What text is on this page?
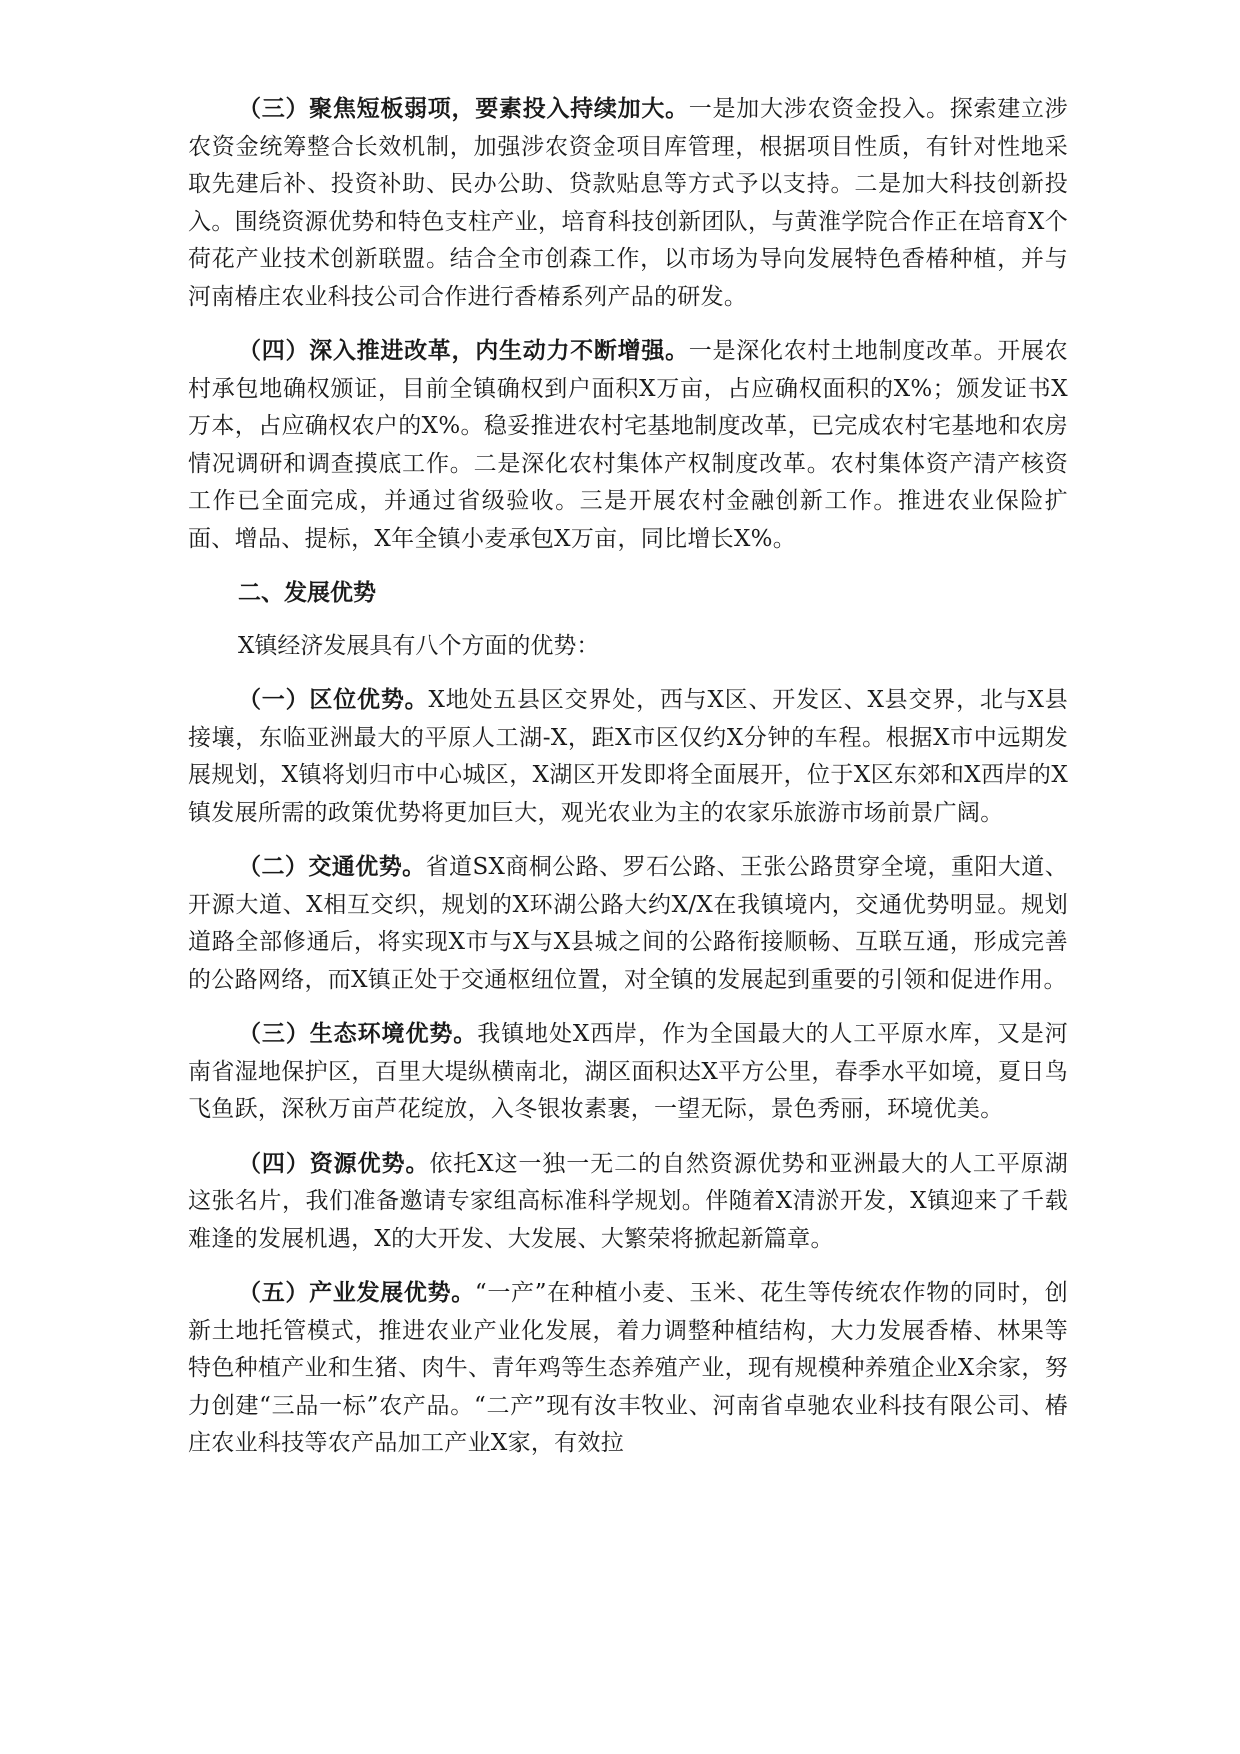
（三）聚焦短板弱项，要素投入持续加大。一是加大涉农资金投入。探索建立涉农资金统筹整合长效机制，加强涉农资金项目库管理，根据项目性质，有针对性地采取先建后补、投资补助、民办公助、贷款贴息等方式予以支持。二是加大科技创新投入。围绕资源优势和特色支柱产业，培育科技创新团队，与黄淮学院合作正在培育X个荷花产业技术创新联盟。结合全市创森工作，以市场为导向发展特色香椿种植，并与河南椿庄农业科技公司合作进行香椿系列产品的研发。

（四）深入推进改革，内生动力不断增强。一是深化农村土地制度改革。开展农村承包地确权颁证，目前全镇确权到户面积X万亩，占应确权面积的X%；颁发证书X万本，占应确权农户的X%。稳妥推进农村宅基地制度改革，已完成农村宅基地和农房情况调研和调查摸底工作。二是深化农村集体产权制度改革。农村集体资产清产核资工作已全面完成，并通过省级验收。三是开展农村金融创新工作。推进农业保险扩面、增品、提标，X年全镇小麦承包X万亩，同比增长X%。

二、发展优势

X镇经济发展具有八个方面的优势：

（一）区位优势。X地处五县区交界处，西与X区、开发区、X县交界，北与X县接壤，东临亚洲最大的平原人工湖-X，距X市区仅约X分钟的车程。根据X市中远期发展规划，X镇将划归市中心城区，X湖区开发即将全面展开，位于X区东郊和X西岸的X镇发展所需的政策优势将更加巨大，观光农业为主的农家乐旅游市场前景广阔。

（二）交通优势。省道SX商桐公路、罗石公路、王张公路贯穿全境，重阳大道、开源大道、X相互交织，规划的X环湖公路大约X/X在我镇境内，交通优势明显。规划道路全部修通后，将实现X市与X与X县城之间的公路衔接顺畅、互联互通，形成完善的公路网络，而X镇正处于交通枢纽位置，对全镇的发展起到重要的引领和促进作用。

（三）生态环境优势。我镇地处X西岸，作为全国最大的人工平原水库，又是河南省湿地保护区，百里大堤纵横南北，湖区面积达X平方公里，春季水平如境，夏日鸟飞鱼跃，深秋万亩芦花绽放，入冬银妆素裹，一望无际，景色秀丽，环境优美。

（四）资源优势。依托X这一独一无二的自然资源优势和亚洲最大的人工平原湖这张名片，我们准备邀请专家组高标准科学规划。伴随着X清淤开发，X镇迎来了千载难逢的发展机遇，X的大开发、大发展、大繁荣将掀起新篇章。

（五）产业发展优势。“一产”在种植小麦、玉米、花生等传统农作物的同时，创新土地托管模式，推进农业产业化发展，着力调整种植结构，大力发展香椿、林果等特色种植产业和生猪、肉牛、青年鸡等生态养殖产业，现有规模种养殖企业X余家，努力创建“三品一标”农产品。“二产”现有汝丰牧业、河南省卓驰农业科技有限公司、椿庄农业科技等农产品加工产业X家，有效拉
